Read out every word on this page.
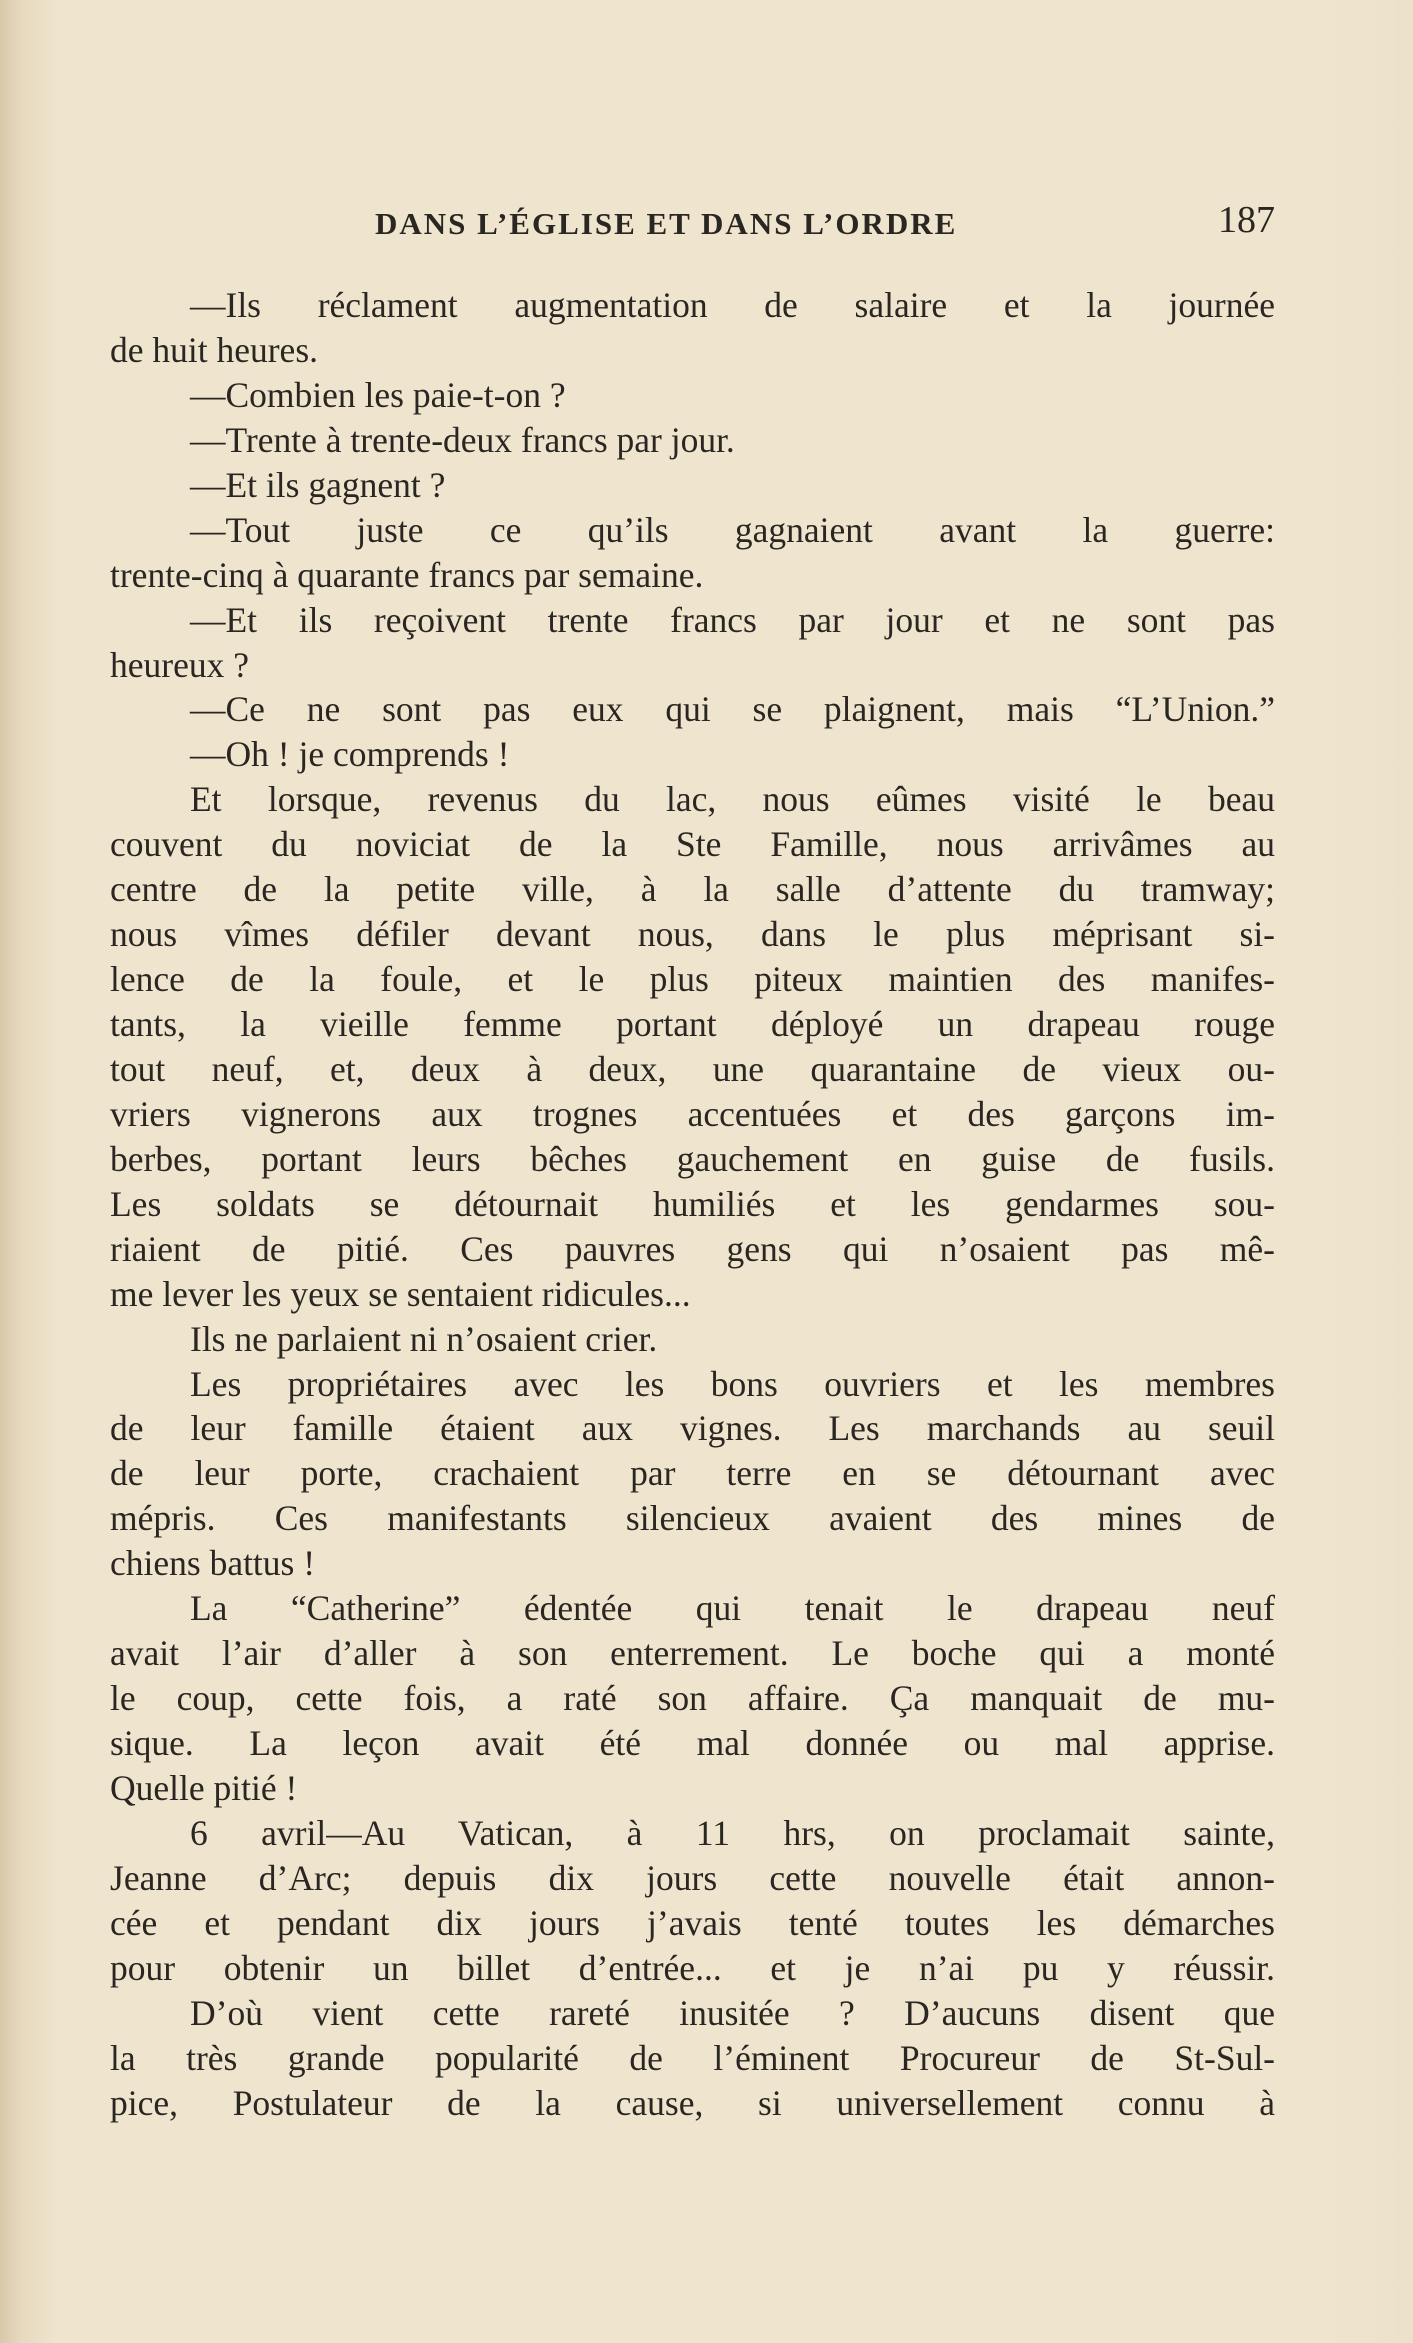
DANS L’ÉGLISE ET DANS L’ORDRE	187
—Ils réclament augmentation de salaire et la journée
de huit heures.
—Combien les paie-t-on ?
—Trente à trente-deux francs par jour.
—Et ils gagnent ?
—Tout juste ce qu’ils gagnaient avant la guerre:
trente-cinq à quarante francs par semaine.
—Et ils reçoivent trente francs par jour et ne sont pas
heureux ?
—Ce ne sont pas eux qui se plaignent, mais “L’Union.”
—Oh ! je comprends !
Et lorsque, revenus du lac, nous eûmes visité le beau
couvent du noviciat de la Ste Famille, nous arrivâmes au
centre de la petite ville, à la salle d’attente du tramway;
nous vîmes défiler devant nous, dans le plus méprisant si-
lence de la foule, et le plus piteux maintien des manifes-
tants, la vieille femme portant déployé un drapeau rouge
tout neuf, et, deux à deux, une quarantaine de vieux ou-
vriers vignerons aux trognes accentuées et des garçons im-
berbes, portant leurs bêches gauchement en guise de fusils.
Les soldats se détournait humiliés et les gendarmes sou-
riaient de pitié. Ces pauvres gens qui n’osaient pas mê-
me lever les yeux se sentaient ridicules...
Ils ne parlaient ni n’osaient crier.
Les propriétaires avec les bons ouvriers et les membres
de leur famille étaient aux vignes. Les marchands au seuil
de leur porte, crachaient par terre en se détournant avec
mépris. Ces manifestants silencieux avaient des mines de
chiens battus !
La “Catherine” édentée qui tenait le drapeau neuf
avait l’air d’aller à son enterrement. Le boche qui a monté
le coup, cette fois, a raté son affaire. Ça manquait de mu-
sique. La leçon avait été mal donnée ou mal apprise.
Quelle pitié !
6 avril—Au Vatican, à 11 hrs, on proclamait sainte,
Jeanne d’Arc; depuis dix jours cette nouvelle était annon-
cée et pendant dix jours j’avais tenté toutes les démarches
pour obtenir un billet d’entrée... et je n’ai pu y réussir.
D’où vient cette rareté inusitée ? D’aucuns disent que
la très grande popularité de l’éminent Procureur de St-Sul-
pice, Postulateur de la cause, si universellement connu à
